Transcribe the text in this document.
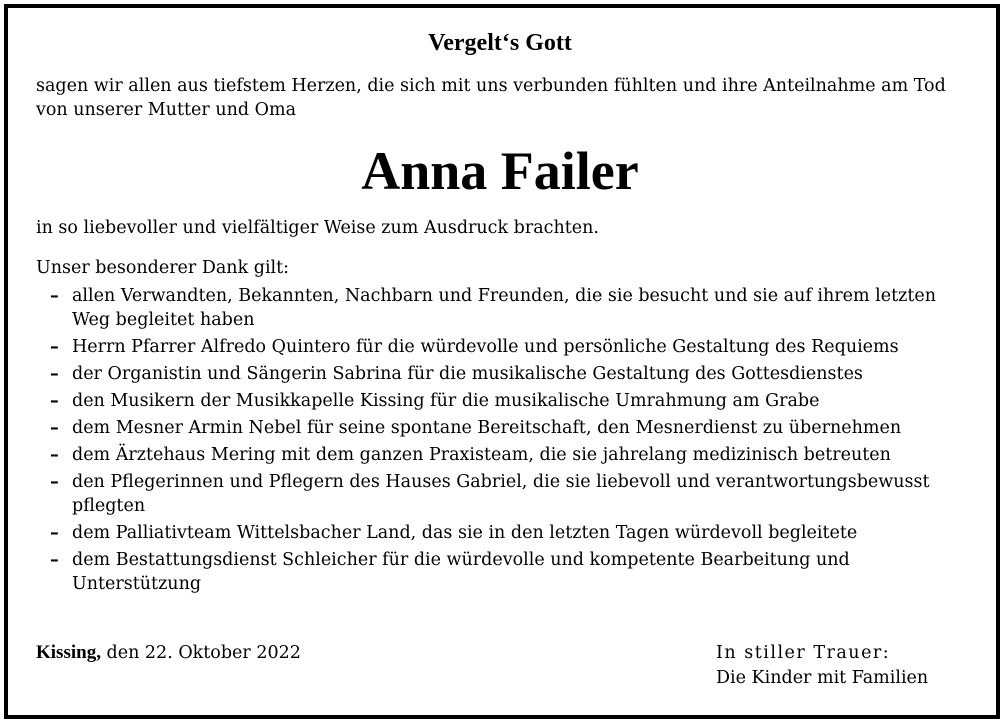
Vergelt‘s Gott
sagen wir allen aus tiefstem Herzen, die sich mit uns verbunden fühlten und ihre Anteilnahme am Tod von unserer Mutter und Oma
Anna Failer
in so liebevoller und vielfältiger Weise zum Ausdruck brachten.
Unser besonderer Dank gilt:
– allen Verwandten, Bekannten, Nachbarn und Freunden, die sie besucht und sie auf ihrem letzten Weg begleitet haben
– Herrn Pfarrer Alfredo Quintero für die würdevolle und persönliche Gestaltung des Requiems
– der Organistin und Sängerin Sabrina für die musikalische Gestaltung des Gottesdienstes
– den Musikern der Musikkapelle Kissing für die musikalische Umrahmung am Grabe
– dem Mesner Armin Nebel für seine spontane Bereitschaft, den Mesnerdienst zu übernehmen
– dem Ärztehaus Mering mit dem ganzen Praxisteam, die sie jahrelang medizinisch betreuten
– den Pflegerinnen und Pflegern des Hauses Gabriel, die sie liebevoll und verantwortungsbewusst pflegten
– dem Palliativteam Wittelsbacher Land, das sie in den letzten Tagen würdevoll begleitete
– dem Bestattungsdienst Schleicher für die würdevolle und kompetente Bearbeitung und Unterstützung
Kissing, den 22. Oktober 2022	In stiller Trauer:
Die Kinder mit Familien
